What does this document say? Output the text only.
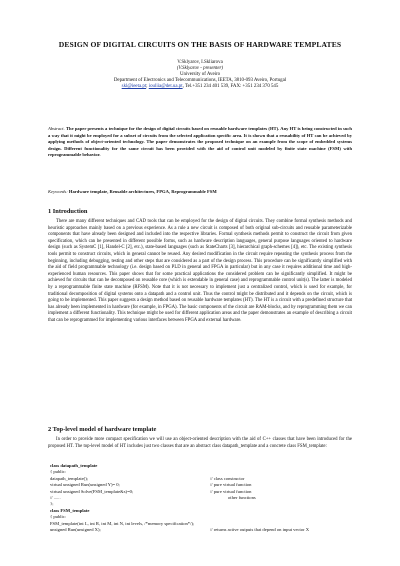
DESIGN OF DIGITAL CIRCUITS ON THE BASIS OF HARDWARE TEMPLATES
V.Sklyarov, I.Skliarova
(V.Sklyarov - presenter)
University of Aveiro
Department of Electronics and Telecommunications, IEETA, 3810-093 Aveiro, Portugal
skl@ieeta.pt; iouliia@det.ua.pt, Tel.+351 234 401 539, FAX: +351 234 370 545
Abstract. The paper presents a technique for the design of digital circuits based on reusable hardware templates (HT). Any HT is being constructed in such a way that it might be employed for a subset of circuits from the selected application specific area. It is shown that a reusability of HT can be achieved by applying methods of object-oriented technology. The paper demonstrates the proposed technique on an example from the scope of embedded systems design. Different functionality for the same circuit has been provided with the aid of control unit modeled by finite state machine (FSM) with reprogrammable behavior.
Keywords: Hardware template, Reusable architectures, FPGA, Reprogrammable FSM
1 Introduction
There are many different techniques and CAD tools that can be employed for the design of digital circuits. They combine formal synthesis methods and heuristic approaches mainly based on a previous experience. As a rule a new circuit is composed of both original sub-circuits and reusable parameterizable components that have already been designed and included into the respective libraries. Formal synthesis methods permit to construct the circuit from given specification, which can be presented in different possible forms, such as hardware description languages, general purpose languages oriented to hardware design (such as SystemC [1], Handel-C [2], etc.), state-based languages (such as StateCharts [3], hierarchical graph-schemes [4]), etc. The existing synthesis tools permit to construct circuits, which in general cannot be reused. Any desired modification in the circuit require repeating the synthesis process from the beginning, including debugging, testing and other steps that are considered as a part of the design process. This procedure can be significantly simplified with the aid of field programmable technology (i.e. design based on PLD in general and FPGA in particular) but in any case it requires additional time and high-experienced human resources. This paper shows that for some practical applications the considered problem can be significantly simplified. It might be achieved for circuits that can be decomposed on reusable core (which is extendable in general case) and reprogrammable control unit(s). The latter is modeled by a reprogrammable finite state machine (RFSM). Note that it is not necessary to implement just a centralized control, which is used for example, for traditional decomposition of digital systems onto a datapath and a control unit. Thus the control might be distributed and it depends on the circuit, which is going to be implemented. This paper suggests a design method based on reusable hardware templates (HT). The HT is a circuit with a predefined structure that has already been implemented in hardware (for example, in FPGA). The basic components of the circuit are RAM-blocks, and by reprogramming them we can implement a different functionality. This technique might be used for different application areas and the paper demonstrates an example of describing a circuit that can be reprogrammed for implementing various interfaces between FPGA and external hardware.
2 Top-level model of hardware template
In order to provide more compact specification we will use an object-oriented description with the aid of C++ classes that have been introduced for the proposed HT. The top-level model of HT includes just two classes that are an abstract class datapath_template and a concrete class FSM_template:
class datapath_template
{ public:
datapath_template();	// class constructor
virtual unsigned Run(unsigned Y)= 0;	// pure virtual function
virtual unsigned Solve(FSM_template&s)=0;	// pure virtual function
// ......	other functions
};
class FSM_template
{ public:
FSM_template(int L, int R, int M, int N, int levels, /*memory specification*/);
unsigned Run(unsigned X);	// returns active outputs that depend on input vector X
